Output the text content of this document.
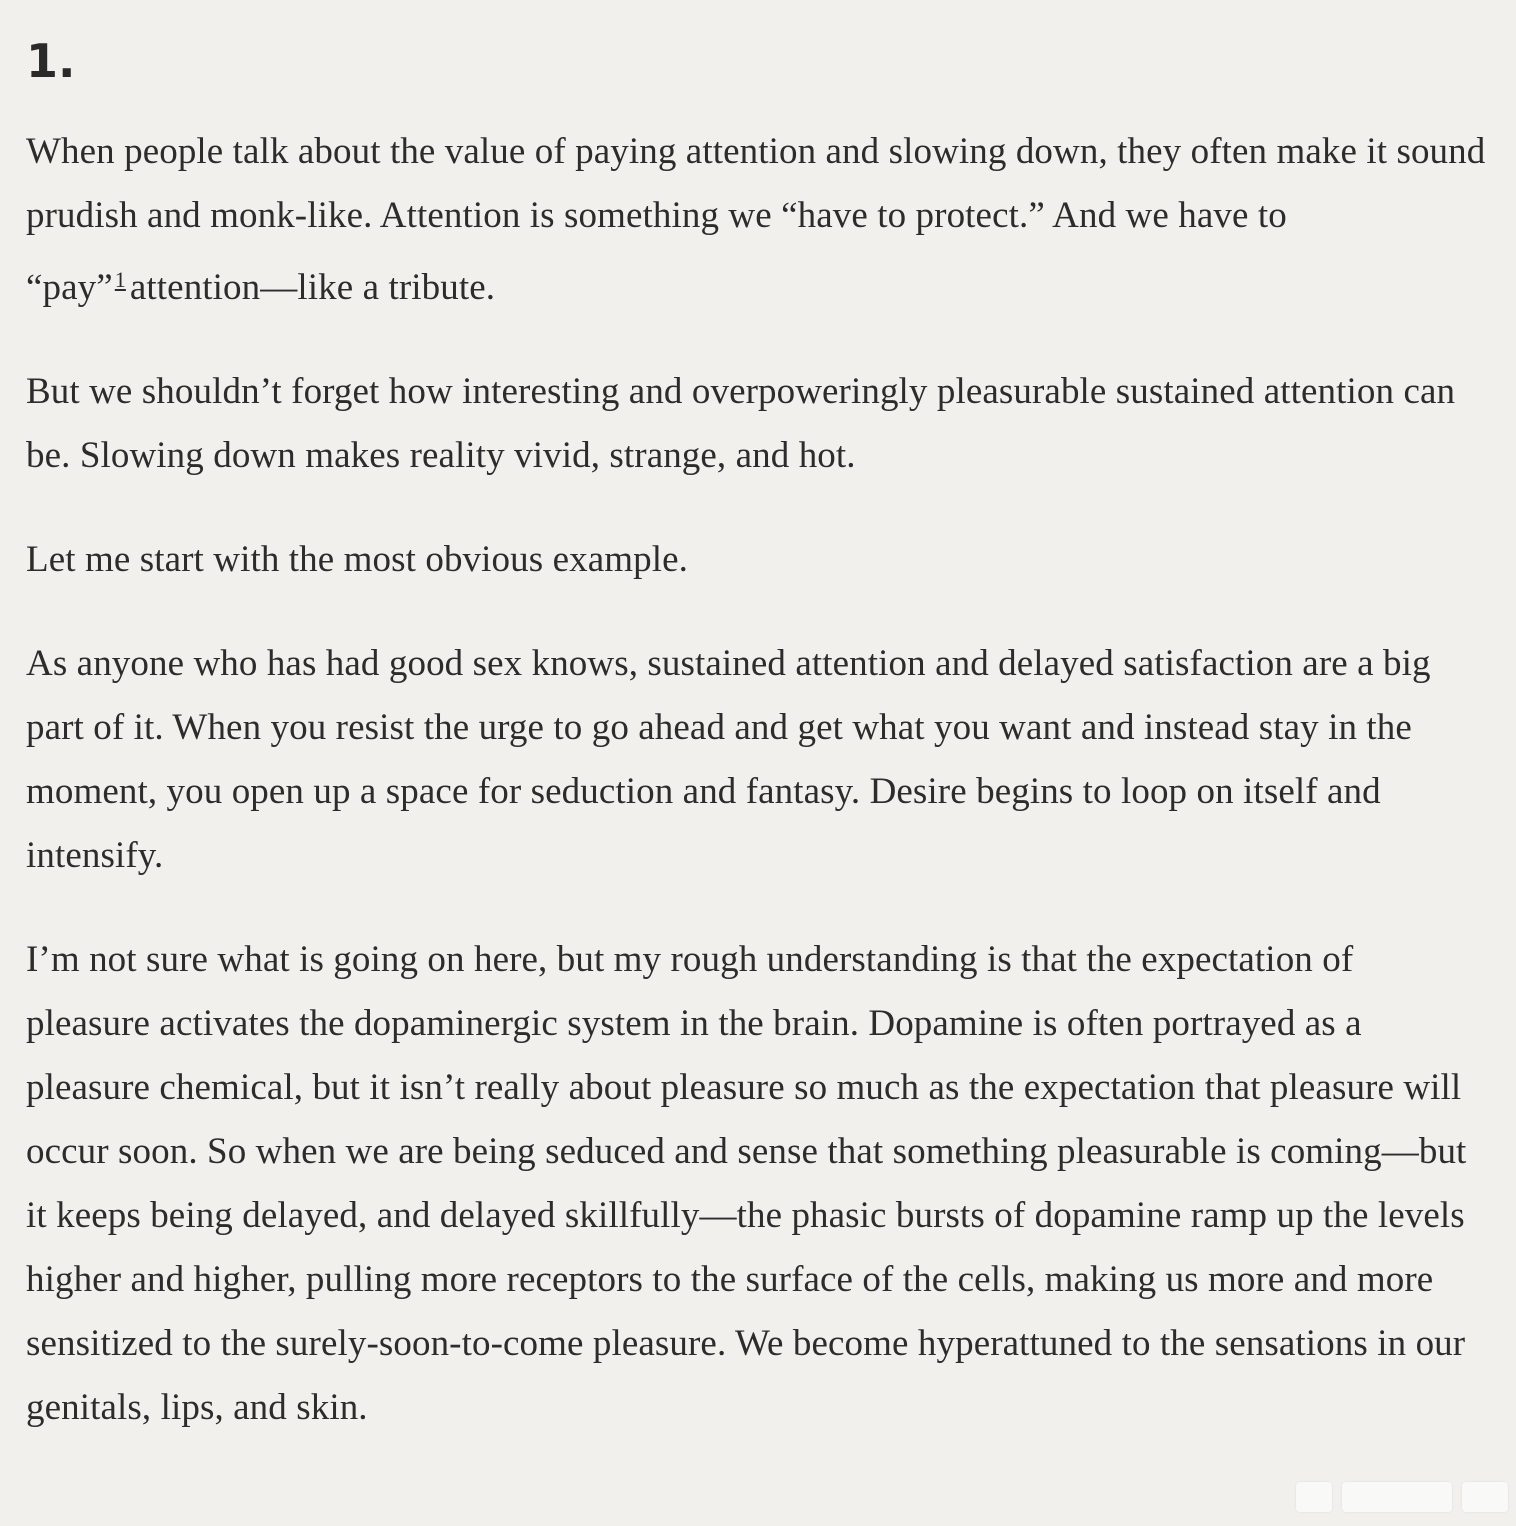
1.

When people talk about the value of paying attention and slowing down, they often make it sound prudish and monk-like. Attention is something we “have to protect.” And we have to “pay”$^1$ attention—like a tribute.

But we shouldn’t forget how interesting and overpoweringly pleasurable sustained attention can be. Slowing down makes reality vivid, strange, and hot.

Let me start with the most obvious example.

As anyone who has had good sex knows, sustained attention and delayed satisfaction are a big part of it. When you resist the urge to go ahead and get what you want and instead stay in the moment, you open up a space for seduction and fantasy. Desire begins to loop on itself and intensify.

I’m not sure what is going on here, but my rough understanding is that the expectation of pleasure activates the dopaminergic system in the brain. Dopamine is often portrayed as a pleasure chemical, but it isn’t really about pleasure so much as the expectation that pleasure will occur soon. So when we are being seduced and sense that something pleasurable is coming—but it keeps being delayed, and delayed skillfully—the phasic bursts of dopamine ramp up the levels higher and higher, pulling more receptors to the surface of the cells, making us more and more sensitized to the surely-soon-to-come pleasure. We become hyperattuned to the sensations in our genitals, lips, and skin.
